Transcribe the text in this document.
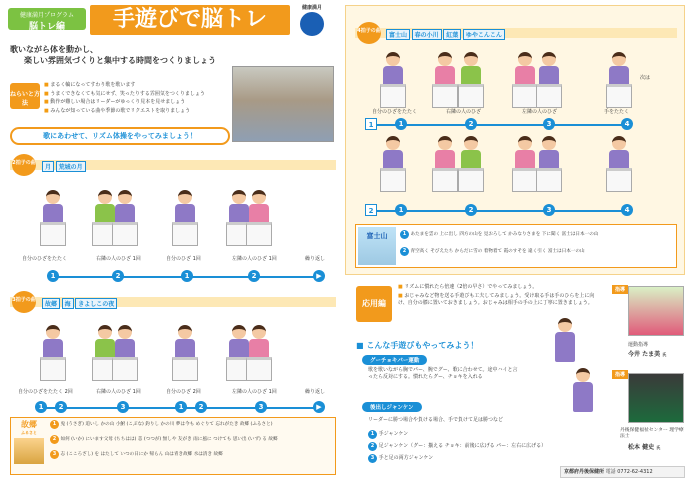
健康満月プログラム
脳トレ編	手遊びで脳トレ	健康満月
歌いながら体を動かし、
楽しい雰囲気づくりと集中する時間をつくりましょう
ねらいと方法
■ まるく輪になってすわり歌を歌います
■ うまくできなくても気にせず、笑ったりする雰囲気をつくりましょう
■ 動作が難しい場合はリーダーがゆっくり見本を見せましょう
■ みんなが知っている曲や季節の歌でリクエストを取りましょう
歌にあわせて、リズム体操をやってみましょう！
2拍子の曲
月 荒城の月
自分のひざをたたく	右隣の人のひざ 1回	自分のひざ 1回	左隣の人のひざ 1回	繰り返し
1	2	1	2	▶
3拍子の曲
故郷 海 きよしこの夜
自分のひざをたたく 2回	右隣の人のひざ 1回	自分のひざ 2回	左隣の人のひざ 1回	繰り返し
1	2	3	1	2	3	▶
故郷
ふるさと
1 兎 (うさぎ) 追いし かの山 小鮒 (こぶな) 釣りし かの川 夢は今も めぐりて 忘れがたき 故郷 (ふるさと)
2 如何 (いか) にいます父母 (ちちはは) 恙 (つつが) 無しや 友がき 雨に風に つけても 思い出 (いず) る 故郷
3 志 (こころざし) を はたして いつの日にか 帰らん 山は青き故郷 水は清き 故郷
4拍子の曲
富士山 春の小川 紅葉 ゆやこんこん
次は
自分のひざをたたく	右隣の人のひざ	左隣の人のひざ	手をたたく
1	1	2	3	4
2	1	2	3	4
富士山	1 あたまを雲の 上に出し 四方の山を 見おろして かみなりさまを 下に聞く 富士は日本一の山
2 青空高く そびえたち からだに雪の 着物着て 霞のすそを 遠く引く 富士は日本一の山
応用編
■ リズムに慣れたら倍速（2倍の早さ）でやってみましょう。
■ おじゃみなど物を送る手遊びも工夫してみましょう。受け取る手は手のひらを上に向け、自分の膝に置いておきましょう。おじゃみは相手の手の上に丁寧に置きましょう。
■ こんな手遊びもやってみよう！
グーチョキパー運動
歌を歌いながら胸でパー、腕でグー、歌に合わせて。途中ハイと言ったら反対にする。慣れたらグー、チョキを入れる
後出しジャンケン
リーダーに勝つ場合や負ける場合、手で負けて足は勝つなど
1 手ジャンケン
2 足ジャンケン（グー：揃える チョキ：前後に広げる パー：左右に広げる）
3 手と足の両方ジャンケン
指導
運動指導
今井 たま美 氏
指導
丹後保健福祉センター 理学療法士
松本 健史 氏
京都府丹後保健所 電話 0772-62-4312
